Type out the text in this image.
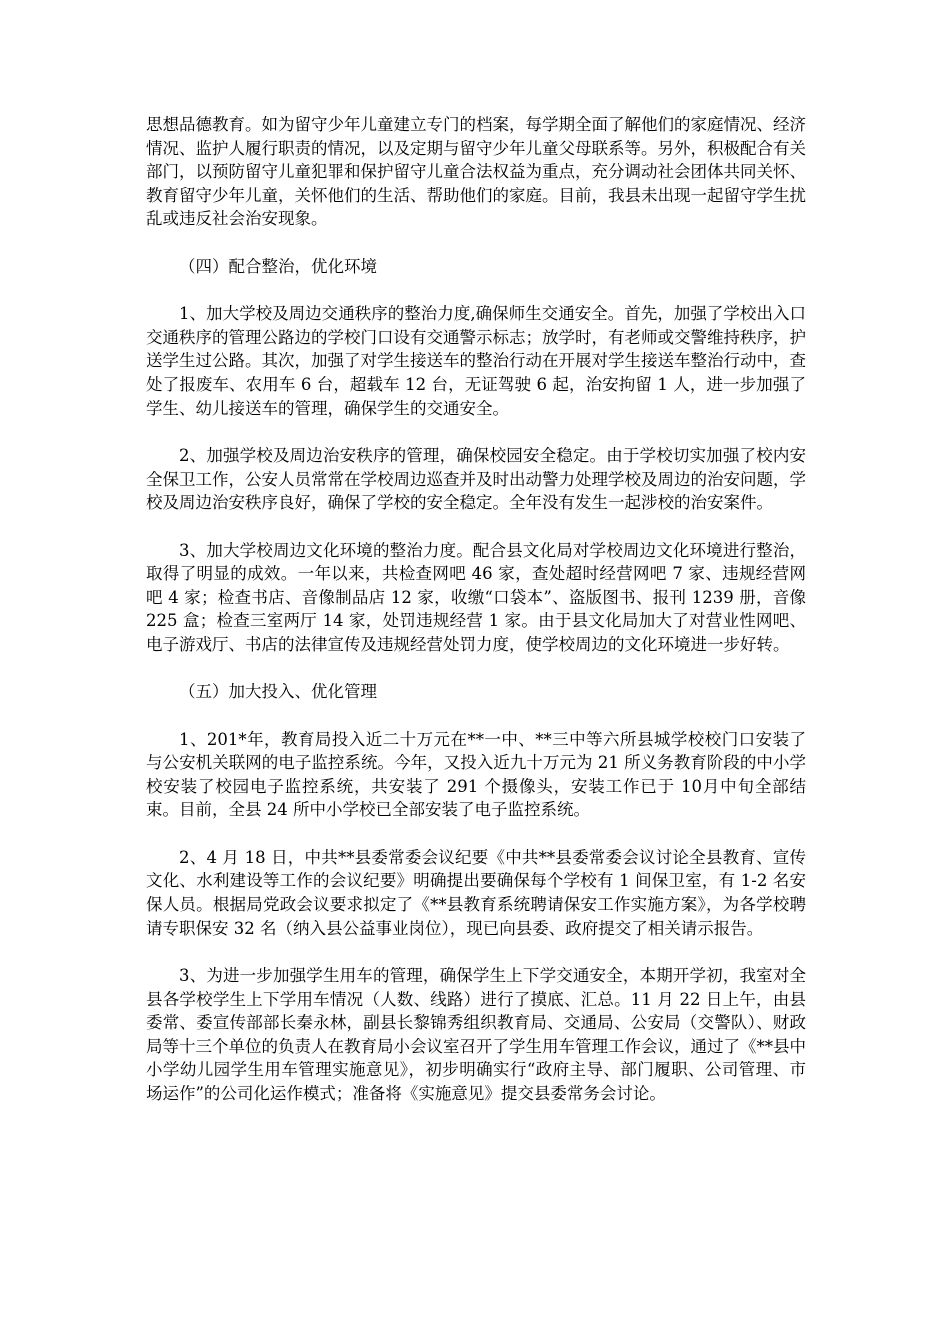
思想品德教育。如为留守少年儿童建立专门的档案，每学期全面了解他们的家庭情况、经济情况、监护人履行职责的情况，以及定期与留守少年儿童父母联系等。另外，积极配合有关部门，以预防留守儿童犯罪和保护留守儿童合法权益为重点，充分调动社会团体共同关怀、教育留守少年儿童，关怀他们的生活、帮助他们的家庭。目前，我县未出现一起留守学生扰乱或违反社会治安现象。

（四）配合整治，优化环境

1、加大学校及周边交通秩序的整治力度,确保师生交通安全。首先，加强了学校出入口交通秩序的管理公路边的学校门口设有交通警示标志；放学时，有老师或交警维持秩序，护送学生过公路。其次，加强了对学生接送车的整治行动在开展对学生接送车整治行动中，查处了报废车、农用车 6 台，超载车 12 台，无证驾驶 6 起，治安拘留 1 人，进一步加强了学生、幼儿接送车的管理，确保学生的交通安全。

2、加强学校及周边治安秩序的管理，确保校园安全稳定。由于学校切实加强了校内安全保卫工作，公安人员常常在学校周边巡查并及时出动警力处理学校及周边的治安问题，学校及周边治安秩序良好，确保了学校的安全稳定。全年没有发生一起涉校的治安案件。

3、加大学校周边文化环境的整治力度。配合县文化局对学校周边文化环境进行整治，取得了明显的成效。一年以来，共检查网吧 46 家，查处超时经营网吧 7 家、违规经营网吧 4 家；检查书店、音像制品店 12 家，收缴“口袋本”、盗版图书、报刊 1239 册，音像 225 盒；检查三室两厅 14 家，处罚违规经营 1 家。由于县文化局加大了对营业性网吧、电子游戏厅、书店的法律宣传及违规经营处罚力度，使学校周边的文化环境进一步好转。

（五）加大投入、优化管理

1、201*年，教育局投入近二十万元在**一中、**三中等六所县城学校校门口安装了与公安机关联网的电子监控系统。今年，又投入近九十万元为 21 所义务教育阶段的中小学校安装了校园电子监控系统，共安装了 291 个摄像头，安装工作已于 10月中旬全部结束。目前，全县 24 所中小学校已全部安装了电子监控系统。

2、4 月 18 日，中共**县委常委会议纪要《中共**县委常委会议讨论全县教育、宣传文化、水利建设等工作的会议纪要》明确提出要确保每个学校有 1 间保卫室，有 1-2 名安保人员。根据局党政会议要求拟定了《**县教育系统聘请保安工作实施方案》，为各学校聘请专职保安 32 名（纳入县公益事业岗位），现已向县委、政府提交了相关请示报告。

3、为进一步加强学生用车的管理，确保学生上下学交通安全，本期开学初，我室对全县各学校学生上下学用车情况（人数、线路）进行了摸底、汇总。11 月 22 日上午，由县委常、委宣传部部长秦永林，副县长黎锦秀组织教育局、交通局、公安局（交警队）、财政局等十三个单位的负责人在教育局小会议室召开了学生用车管理工作会议，通过了《**县中小学幼儿园学生用车管理实施意见》，初步明确实行“政府主导、部门履职、公司管理、市场运作”的公司化运作模式；准备将《实施意见》提交县委常务会讨论。
